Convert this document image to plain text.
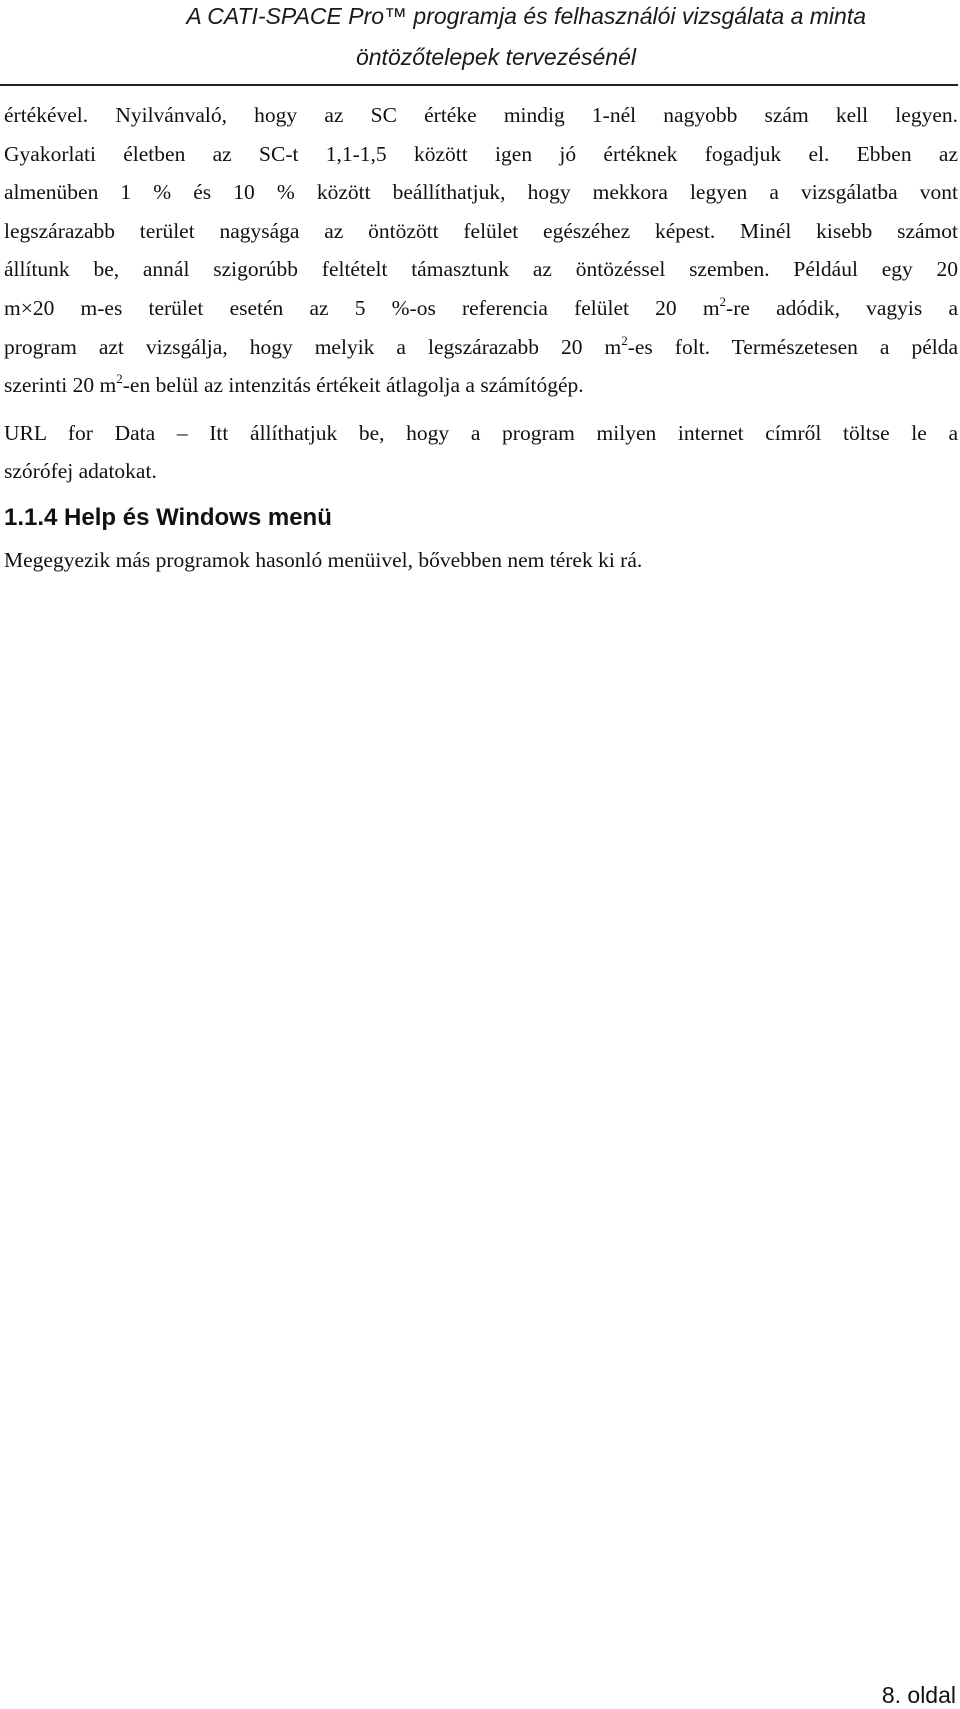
A CATI-SPACE Pro™ programja és felhasználói vizsgálata a minta
öntözőtelepek tervezésénél

értékével. Nyilvánvaló, hogy az SC értéke mindig 1-nél nagyobb szám kell legyen.
Gyakorlati életben az SC-t 1,1-1,5 között igen jó értéknek fogadjuk el. Ebben az
almenüben 1 % és 10 % között beállíthatjuk, hogy mekkora legyen a vizsgálatba vont
legszárazabb terület nagysága az öntözött felület egészéhez képest. Minél kisebb számot
állítunk be, annál szigorúbb feltételt támasztunk az öntözéssel szemben. Például egy 20
m×20 m-es terület esetén az 5 %-os referencia felület 20 $m^2-re$ adódik, vagyis a
program azt vizsgálja, hogy melyik a legszárazabb 20 $m^2-es$ folt. Természetesen a példa
szerinti 20 $m^2-en$ belül az intenzitás értékeit átlagolja a számítógép.

URL for Data – Itt állíthatjuk be, hogy a program milyen internet címről töltse le a
szórófej adatokat.

1.1.4 Help és Windows menü

Megegyezik más programok hasonló menüivel, bővebben nem térek ki rá.

8. oldal
